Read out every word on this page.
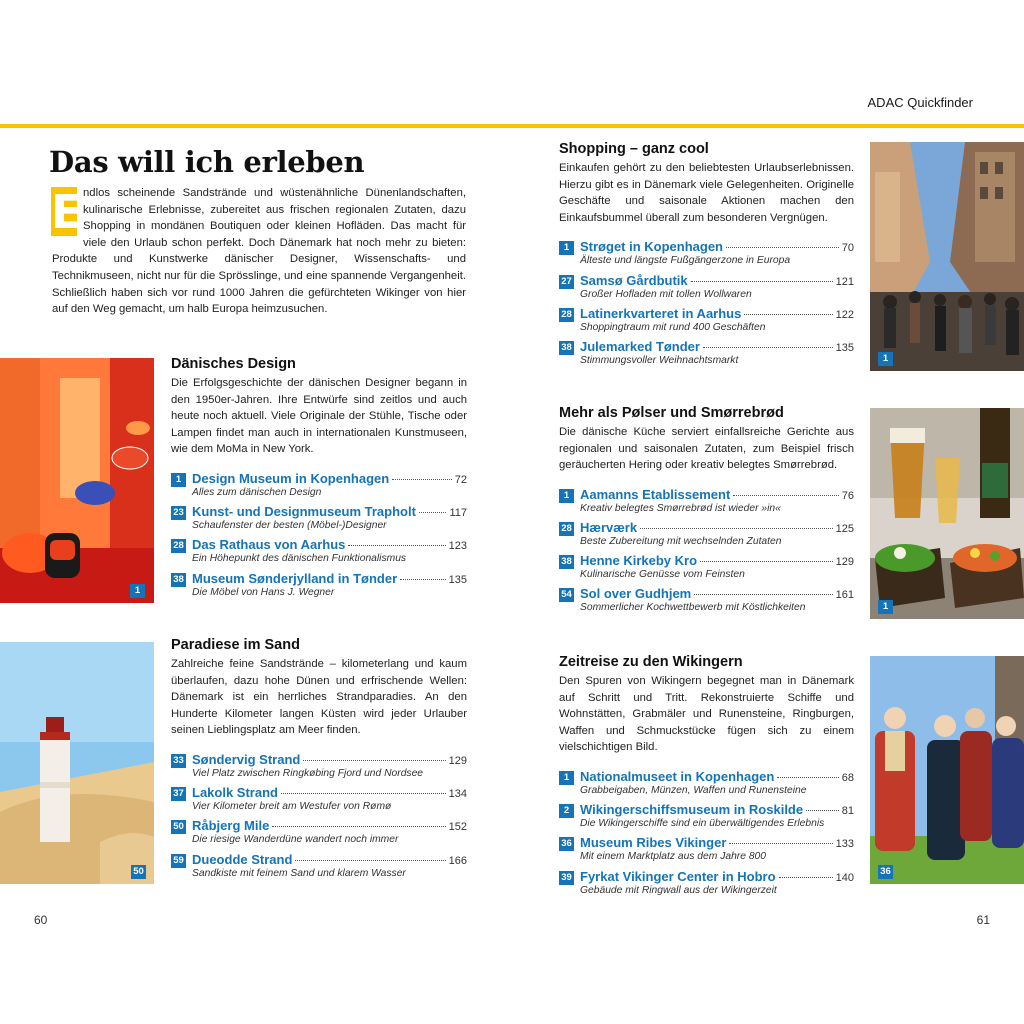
ADAC Quickfinder
Das will ich erleben
E ndlos scheinende Sandstrände und wüstenähnliche Dünenlandschaften, kulinarische Erlebnisse, zubereitet aus frischen regionalen Zutaten, dazu Shopping in mondänen Boutiquen oder kleinen Hofläden. Das macht für viele den Urlaub schon perfekt. Doch Dänemark hat noch mehr zu bieten: Produkte und Kunstwerke dänischer Designer, Wissenschafts- und Technikmuseen, nicht nur für die Sprösslinge, und eine spannende Vergangenheit. Schließlich haben sich vor rund 1000 Jahren die gefürchteten Wikinger von hier auf den Weg gemacht, um halb Europa heimzusuchen.
1
50
1
1
36
Dänisches Design
Die Erfolgsgeschichte der dänischen Designer begann in den 1950er-Jahren. Ihre Entwürfe sind zeitlos und auch heute noch aktuell. Viele Originale der Stühle, Tische oder Lampen findet man auch in internationalen Kunstmuseen, wie dem MoMa in New York.
1 Design Museum in Kopenhagen	72
Alles zum dänischen Design
23 Kunst- und Designmuseum Trapholt	117
Schaufenster der besten (Möbel-)Designer
28 Das Rathaus von Aarhus	123
Ein Höhepunkt des dänischen Funktionalismus
38 Museum Sønderjylland in Tønder	135
Die Möbel von Hans J. Wegner
Paradiese im Sand
Zahlreiche feine Sandstrände – kilometerlang und kaum überlaufen, dazu hohe Dünen und erfrischende Wellen: Dänemark ist ein herrliches Strandparadies. An den Hunderte Kilometer langen Küsten wird jeder Urlauber seinen Lieblingsplatz am Meer finden.
33 Søndervig Strand	129
Viel Platz zwischen Ringkøbing Fjord und Nordsee
37 Lakolk Strand	134
Vier Kilometer breit am Westufer von Rømø
50 Råbjerg Mile	152
Die riesige Wanderdüne wandert noch immer
59 Dueodde Strand	166
Sandkiste mit feinem Sand und klarem Wasser
Shopping – ganz cool
Einkaufen gehört zu den beliebtesten Urlaubserlebnissen. Hierzu gibt es in Dänemark viele Gelegenheiten. Originelle Geschäfte und saisonale Aktionen machen den Einkaufsbummel überall zum besonderen Vergnügen.
1 Strøget in Kopenhagen	70
Älteste und längste Fußgängerzone in Europa
27 Samsø Gårdbutik	121
Großer Hofladen mit tollen Wollwaren
28 Latinerkvarteret in Aarhus	122
Shoppingtraum mit rund 400 Geschäften
38 Julemarked Tønder	135
Stimmungsvoller Weihnachtsmarkt
Mehr als Pølser und Smørrebrød
Die dänische Küche serviert einfallsreiche Gerichte aus regionalen und saisonalen Zutaten, zum Beispiel frisch geräucherten Hering oder kreativ belegtes Smørrebrød.
1 Aamanns Etablissement	76
Kreativ belegtes Smørrebrød ist wieder »in«
28 Hærværk	125
Beste Zubereitung mit wechselnden Zutaten
38 Henne Kirkeby Kro	129
Kulinarische Genüsse vom Feinsten
54 Sol over Gudhjem	161
Sommerlicher Kochwettbewerb mit Köstlichkeiten
Zeitreise zu den Wikingern
Den Spuren von Wikingern begegnet man in Dänemark auf Schritt und Tritt. Rekonstruierte Schiffe und Wohnstätten, Grabmäler und Runensteine, Ringburgen, Waffen und Schmuckstücke fügen sich zu einem vielschichtigen Bild.
1 Nationalmuseet in Kopenhagen	68
Grabbeigaben, Münzen, Waffen und Runensteine
2 Wikingerschiffsmuseum in Roskilde	81
Die Wikingerschiffe sind ein überwältigendes Erlebnis
36 Museum Ribes Vikinger	133
Mit einem Marktplatz aus dem Jahre 800
39 Fyrkat Vikinger Center in Hobro	140
Gebäude mit Ringwall aus der Wikingerzeit
60	61
